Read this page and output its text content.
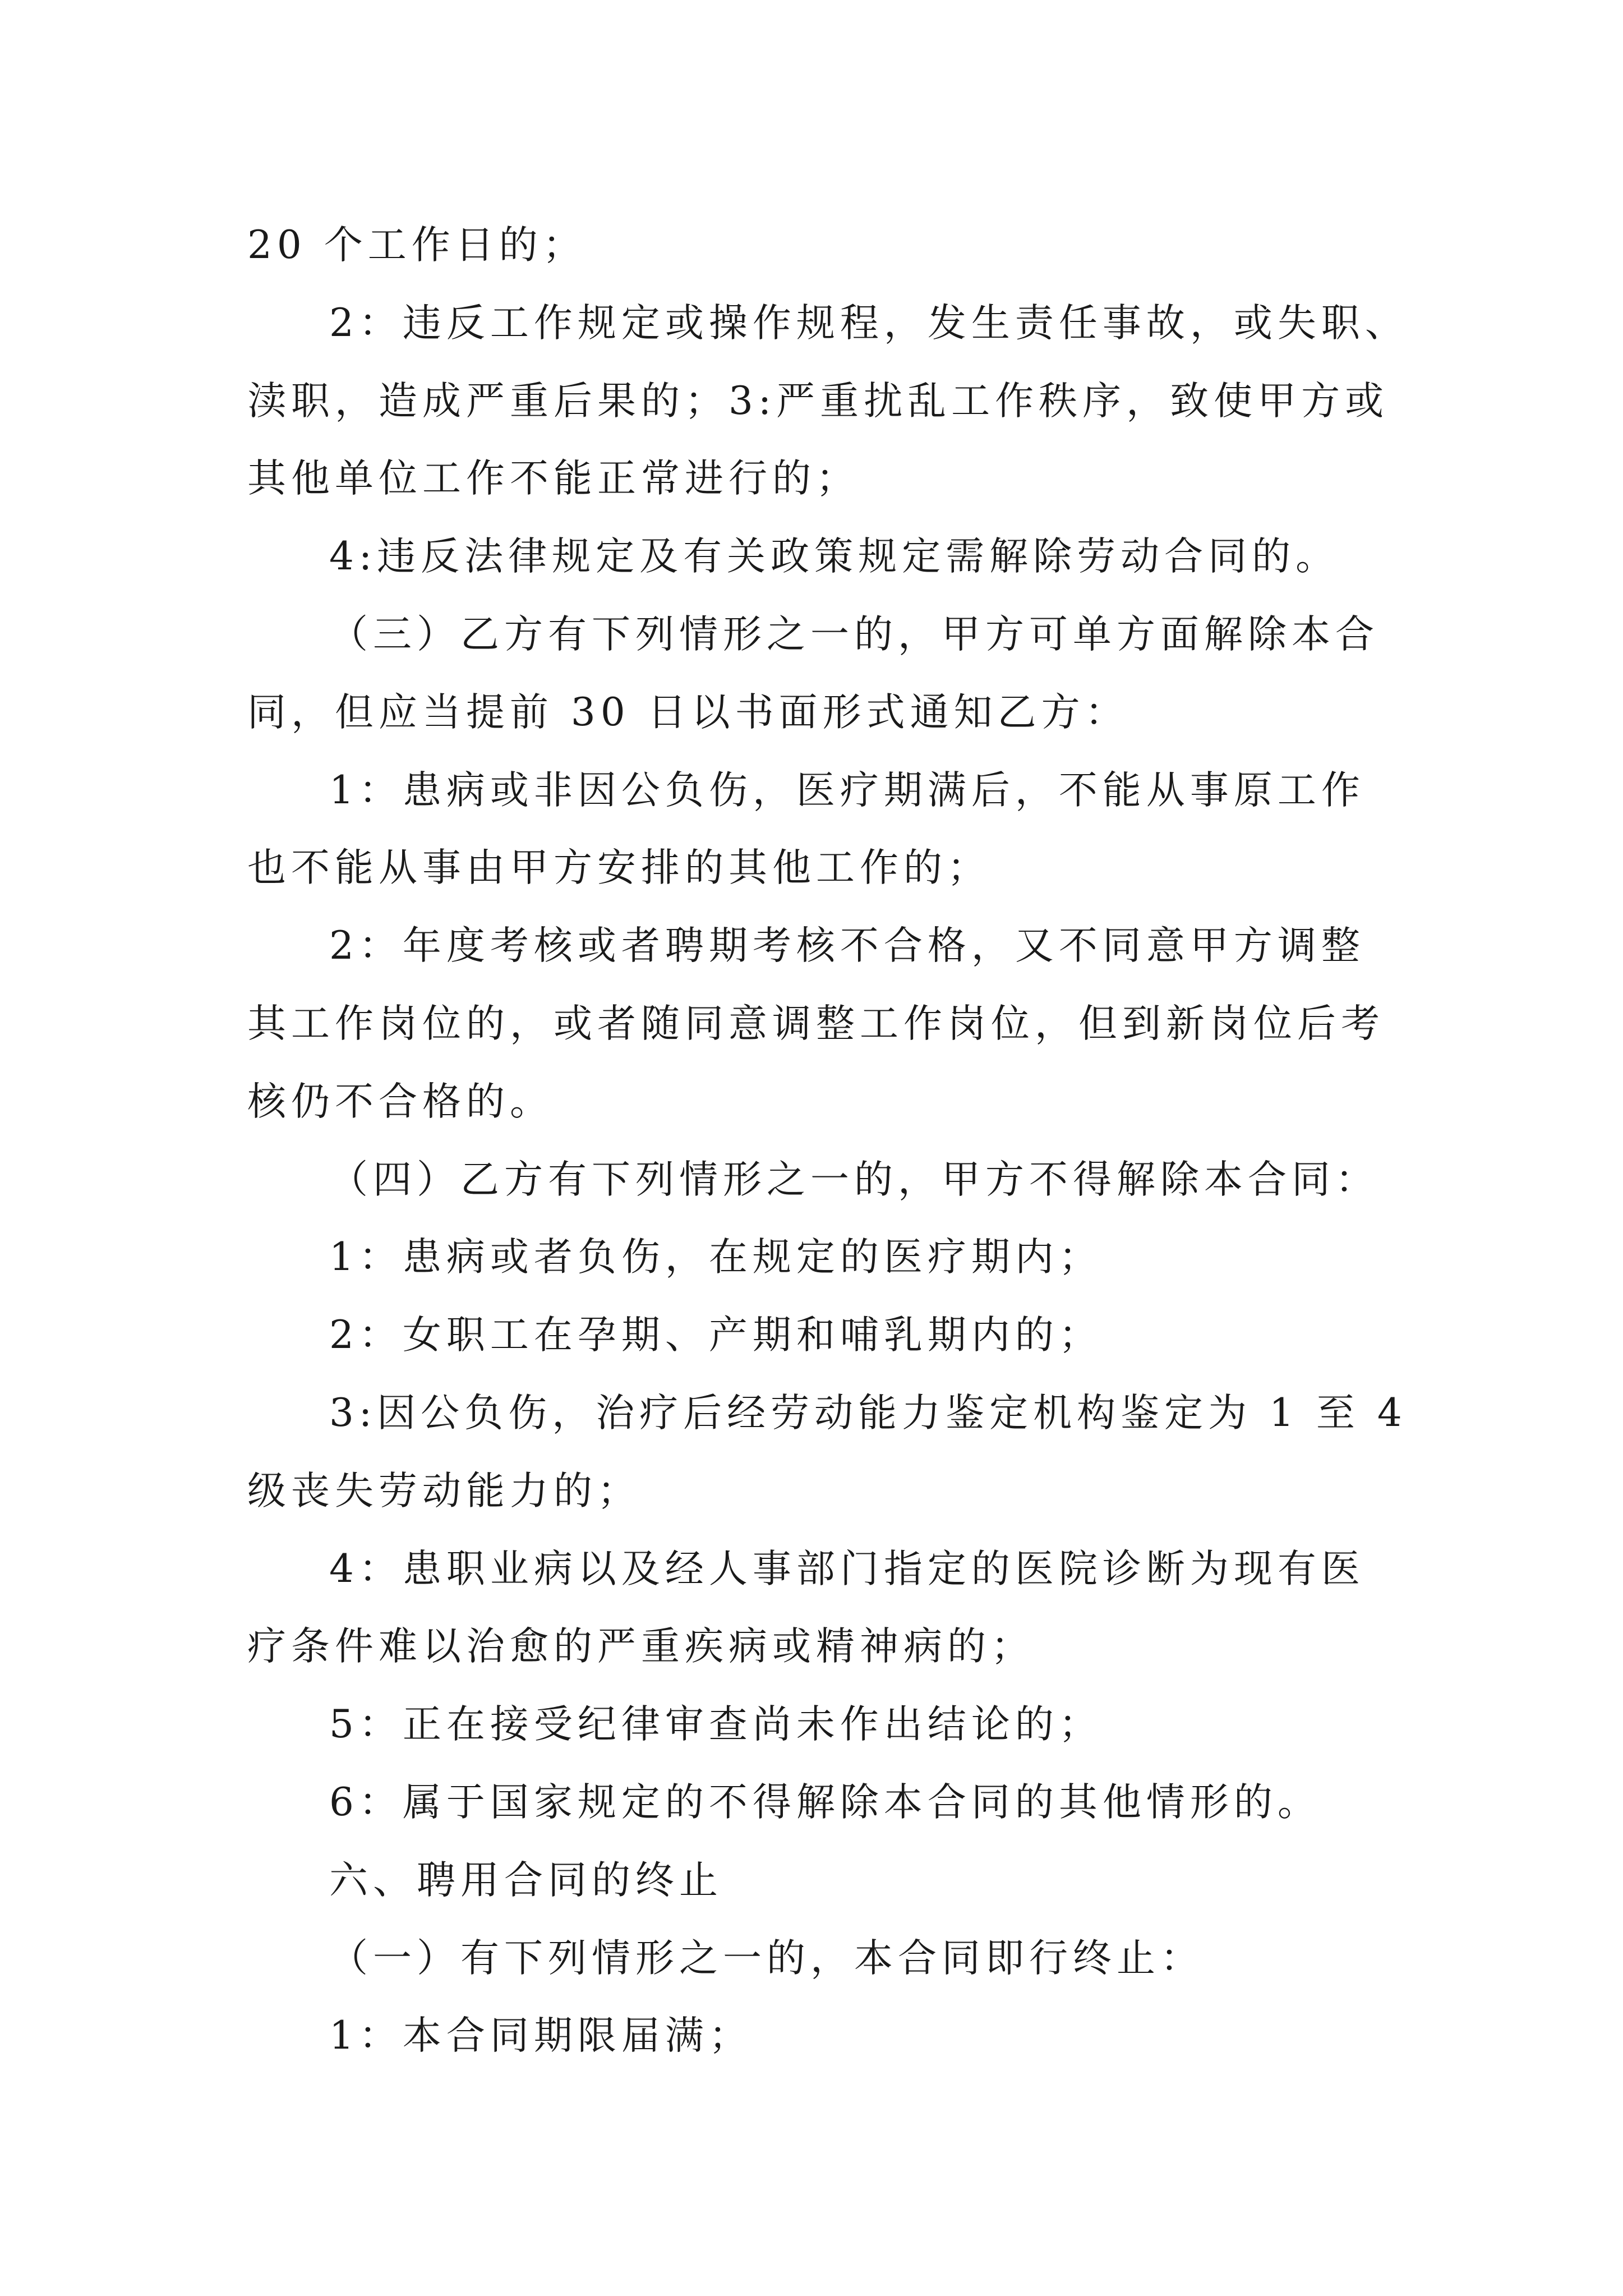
20 个工作日的；

2：违反工作规定或操作规程，发生责任事故，或失职、

渎职，造成严重后果的；3:严重扰乱工作秩序，致使甲方或

其他单位工作不能正常进行的；

4:违反法律规定及有关政策规定需解除劳动合同的。

（三）乙方有下列情形之一的，甲方可单方面解除本合

同，但应当提前 30 日以书面形式通知乙方：

1：患病或非因公负伤，医疗期满后，不能从事原工作

也不能从事由甲方安排的其他工作的；

2：年度考核或者聘期考核不合格，又不同意甲方调整

其工作岗位的，或者随同意调整工作岗位，但到新岗位后考

核仍不合格的。

（四）乙方有下列情形之一的，甲方不得解除本合同：

1：患病或者负伤，在规定的医疗期内；

2：女职工在孕期、产期和哺乳期内的；

3:因公负伤，治疗后经劳动能力鉴定机构鉴定为 1 至 4

级丧失劳动能力的；

4：患职业病以及经人事部门指定的医院诊断为现有医

疗条件难以治愈的严重疾病或精神病的；

5：正在接受纪律审查尚未作出结论的；

6：属于国家规定的不得解除本合同的其他情形的。

六、聘用合同的终止

（一）有下列情形之一的，本合同即行终止：

1：本合同期限届满；
